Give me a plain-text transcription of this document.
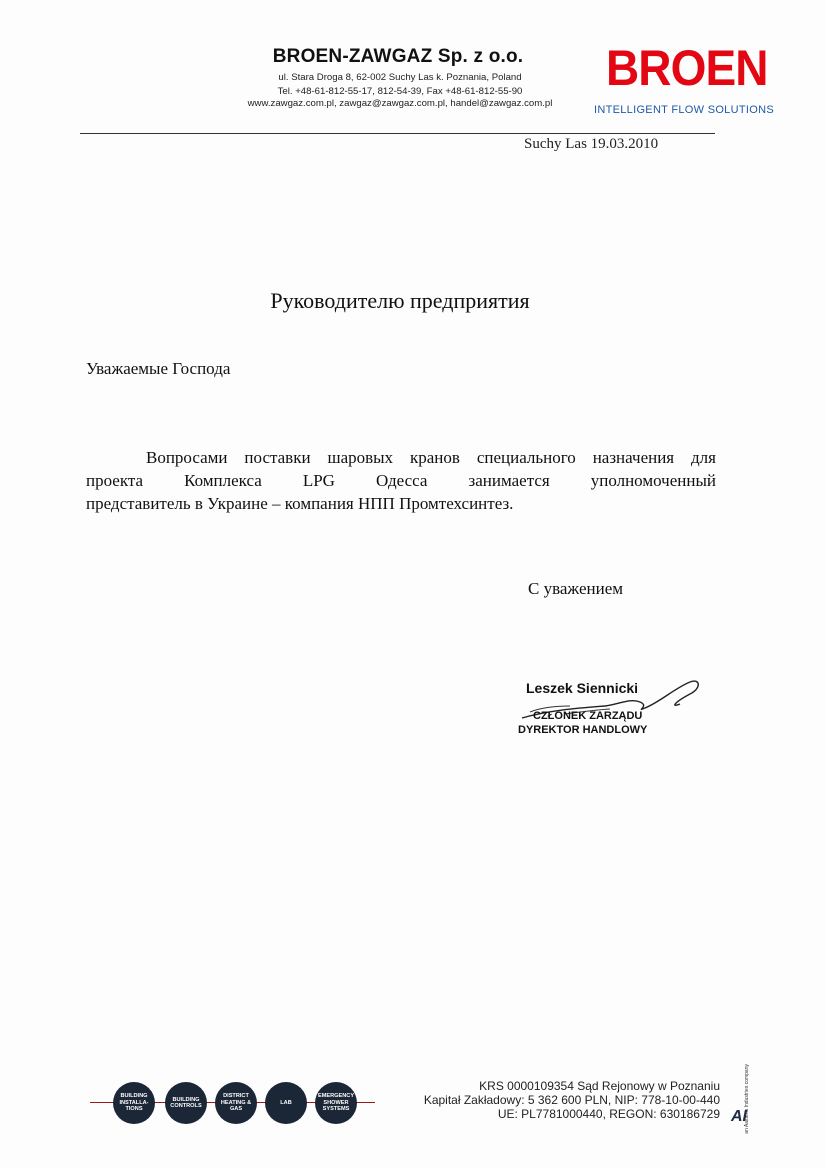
BROEN-ZAWGAZ Sp. z o.o.
ul. Stara Droga 8, 62-002 Suchy Las k. Poznania, Poland
Tel. +48-61-812-55-17, 812-54-39, Fax +48-61-812-55-90
www.zawgaz.com.pl, zawgaz@zawgaz.com.pl, handel@zawgaz.com.pl
BROEN
INTELLIGENT FLOW SOLUTIONS
Suchy Las 19.03.2010
Руководителю предприятия
Уважаемые Господа
Вопросами поставки шаровых кранов специального назначения для
проекта Комплекса LPG Одесса занимается уполномоченный
представитель в Украине – компания НПП Промтехсинтез.
С уважением
Leszek Siennicki
CZŁONEK ZARZĄDU
DYREKTOR HANDLOWY
BUILDING INSTALLA-TIONS
BUILDING CONTROLS
DISTRICT HEATING & GAS
LAB
EMERGENCY SHOWER SYSTEMS
KRS 0000109354 Sąd Rejonowy w Poznaniu
Kapitał Zakładowy: 5 362 600 PLN, NIP: 778-10-00-440
UE: PL7781000440, REGON: 630186729	an Aalberts Industries company
AI
